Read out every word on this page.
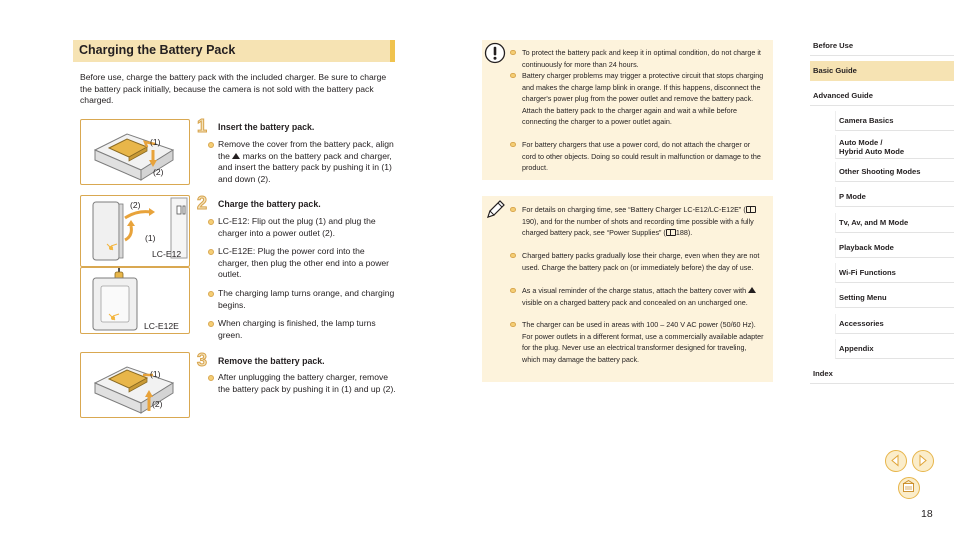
Charging the Battery Pack

Before use, charge the battery pack with the included charger. Be sure to charge the battery pack initially, because the camera is not sold with the battery pack charged.

(1)
(2)
(2)
(1)
LC-E12
LC-E12E
(1)
(2)
1 Insert the battery pack.
Remove the cover from the battery pack, align the  marks on the battery pack and charger, and insert the battery pack by pushing it in (1) and down (2).
2 Charge the battery pack.
LC-E12: Flip out the plug (1) and plug the charger into a power outlet (2).
LC-E12E: Plug the power cord into the charger, then plug the other end into a power outlet.
The charging lamp turns orange, and charging begins.
When charging is finished, the lamp turns green.
3 Remove the battery pack.
After unplugging the battery charger, remove the battery pack by pushing it in (1) and up (2).
To protect the battery pack and keep it in optimal condition, do not charge it continuously for more than 24 hours.
Battery charger problems may trigger a protective circuit that stops charging and makes the charge lamp blink in orange. If this happens, disconnect the charger's power plug from the power outlet and remove the battery pack. Attach the battery pack to the charger again and wait a while before connecting the charger to a power outlet again.
For battery chargers that use a power cord, do not attach the charger or cord to other objects. Doing so could result in malfunction or damage to the product.
For details on charging time, see “Battery Charger LC-E12/LC-E12E” (190), and for the number of shots and recording time possible with a fully charged battery pack, see “Power Supplies” ( 188).
Charged battery packs gradually lose their charge, even when they are not used. Charge the battery pack on (or immediately before) the day of use.
As a visual reminder of the charge status, attach the battery cover with  visible on a charged battery pack and concealed on an uncharged one.
The charger can be used in areas with 100 – 240 V AC power (50/60 Hz). For power outlets in a different format, use a commercially available adapter for the plug. Never use an electrical transformer designed for traveling, which may damage the battery pack.
Before Use
Basic Guide
Advanced Guide
Camera Basics
Auto Mode /
Hybrid Auto Mode
Other Shooting Modes
P Mode
Tv, Av, and M Mode
Playback Mode
Wi-Fi Functions
Setting Menu
Accessories
Appendix
Index
18
